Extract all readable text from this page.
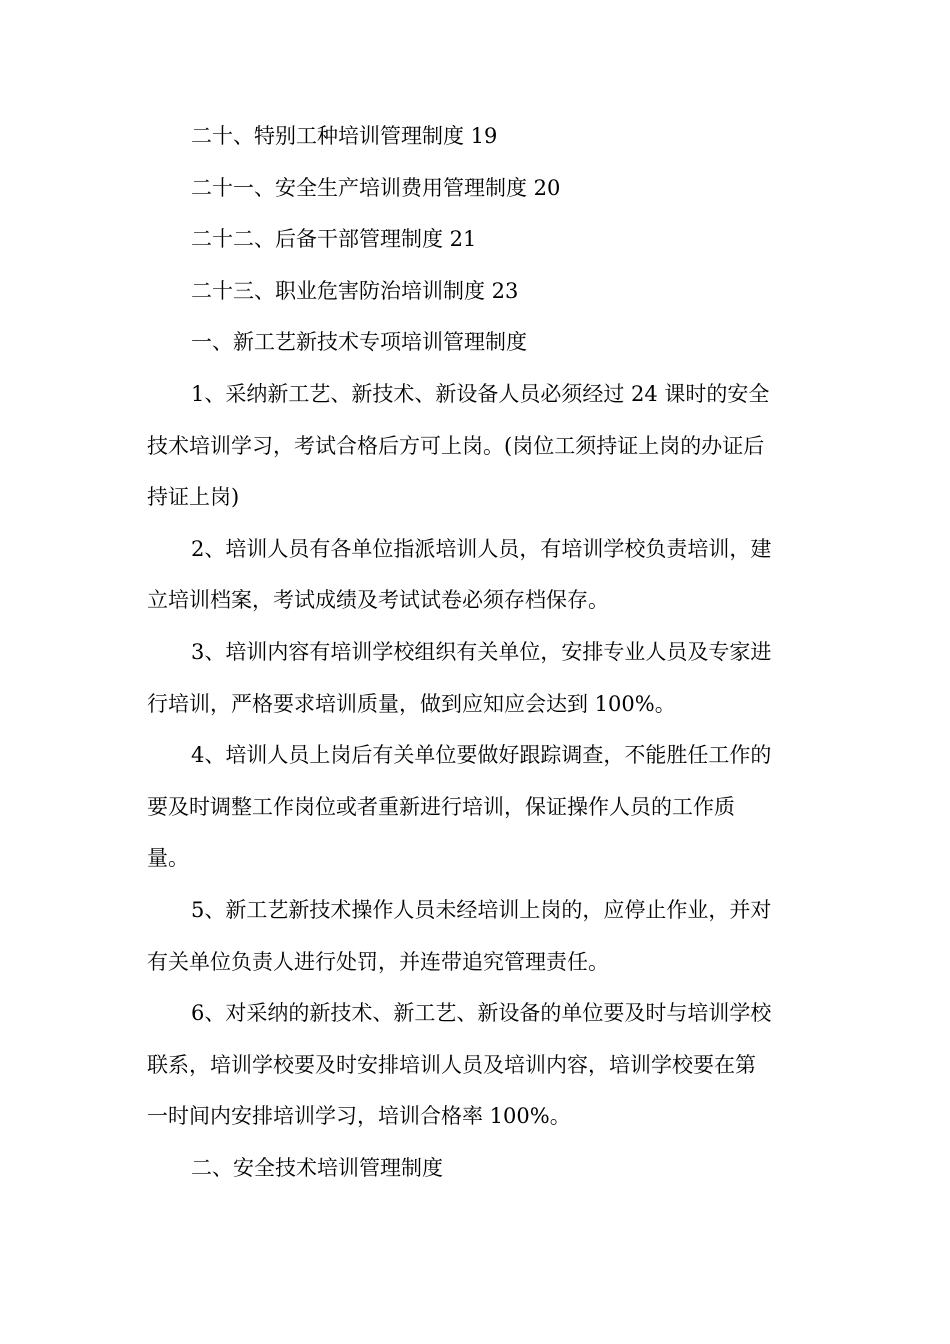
二十、特别工种培训管理制度 19

二十一、安全生产培训费用管理制度 20

二十二、后备干部管理制度 21

二十三、职业危害防治培训制度 23

一、新工艺新技术专项培训管理制度

1、采纳新工艺、新技术、新设备人员必须经过 24 课时的安全

技术培训学习，考试合格后方可上岗。(岗位工须持证上岗的办证后

持证上岗)

2、培训人员有各单位指派培训人员，有培训学校负责培训，建

立培训档案，考试成绩及考试试卷必须存档保存。

3、培训内容有培训学校组织有关单位，安排专业人员及专家进

行培训，严格要求培训质量，做到应知应会达到 100%。

4、培训人员上岗后有关单位要做好跟踪调查，不能胜任工作的

要及时调整工作岗位或者重新进行培训，保证操作人员的工作质

量。

5、新工艺新技术操作人员未经培训上岗的，应停止作业，并对

有关单位负责人进行处罚，并连带追究管理责任。

6、对采纳的新技术、新工艺、新设备的单位要及时与培训学校

联系，培训学校要及时安排培训人员及培训内容，培训学校要在第

一时间内安排培训学习，培训合格率 100%。

二、安全技术培训管理制度
